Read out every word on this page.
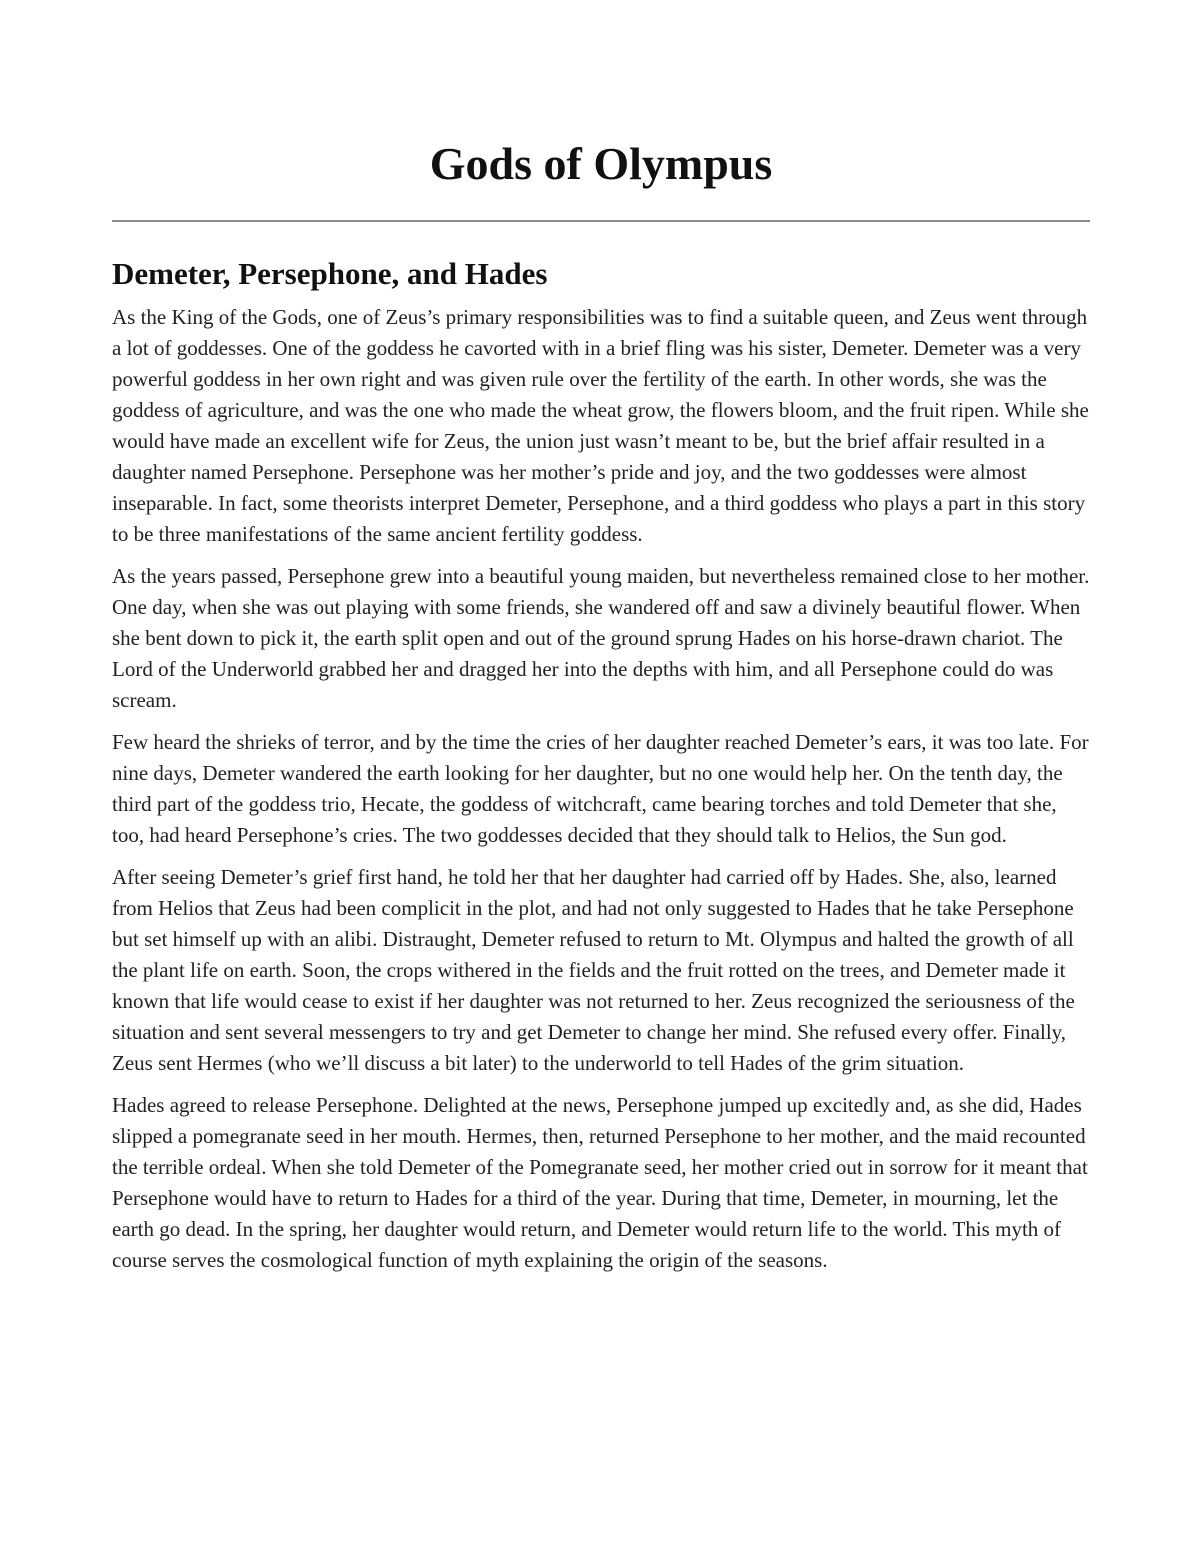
Gods of Olympus
Demeter, Persephone, and Hades

As the King of the Gods, one of Zeus’s primary responsibilities was to find a suitable queen, and Zeus went through a lot of goddesses. One of the goddess he cavorted with in a brief fling was his sister, Demeter. Demeter was a very powerful goddess in her own right and was given rule over the fertility of the earth. In other words, she was the goddess of agriculture, and was the one who made the wheat grow, the flowers bloom, and the fruit ripen. While she would have made an excellent wife for Zeus, the union just wasn’t meant to be, but the brief affair resulted in a daughter named Persephone. Persephone was her mother’s pride and joy, and the two goddesses were almost inseparable. In fact, some theorists interpret Demeter, Persephone, and a third goddess who plays a part in this story to be three manifestations of the same ancient fertility goddess.

As the years passed, Persephone grew into a beautiful young maiden, but nevertheless remained close to her mother. One day, when she was out playing with some friends, she wandered off and saw a divinely beautiful flower. When she bent down to pick it, the earth split open and out of the ground sprung Hades on his horse-drawn chariot. The Lord of the Underworld grabbed her and dragged her into the depths with him, and all Persephone could do was scream.

Few heard the shrieks of terror, and by the time the cries of her daughter reached Demeter’s ears, it was too late. For nine days, Demeter wandered the earth looking for her daughter, but no one would help her. On the tenth day, the third part of the goddess trio, Hecate, the goddess of witchcraft, came bearing torches and told Demeter that she, too, had heard Persephone’s cries. The two goddesses decided that they should talk to Helios, the Sun god.

After seeing Demeter’s grief first hand, he told her that her daughter had carried off by Hades. She, also, learned from Helios that Zeus had been complicit in the plot, and had not only suggested to Hades that he take Persephone but set himself up with an alibi. Distraught, Demeter refused to return to Mt. Olympus and halted the growth of all the plant life on earth. Soon, the crops withered in the fields and the fruit rotted on the trees, and Demeter made it known that life would cease to exist if her daughter was not returned to her. Zeus recognized the seriousness of the situation and sent several messengers to try and get Demeter to change her mind. She refused every offer. Finally, Zeus sent Hermes (who we’ll discuss a bit later) to the underworld to tell Hades of the grim situation.

Hades agreed to release Persephone. Delighted at the news, Persephone jumped up excitedly and, as she did, Hades slipped a pomegranate seed in her mouth. Hermes, then, returned Persephone to her mother, and the maid recounted the terrible ordeal. When she told Demeter of the Pomegranate seed, her mother cried out in sorrow for it meant that Persephone would have to return to Hades for a third of the year. During that time, Demeter, in mourning, let the earth go dead. In the spring, her daughter would return, and Demeter would return life to the world. This myth of course serves the cosmological function of myth explaining the origin of the seasons.
